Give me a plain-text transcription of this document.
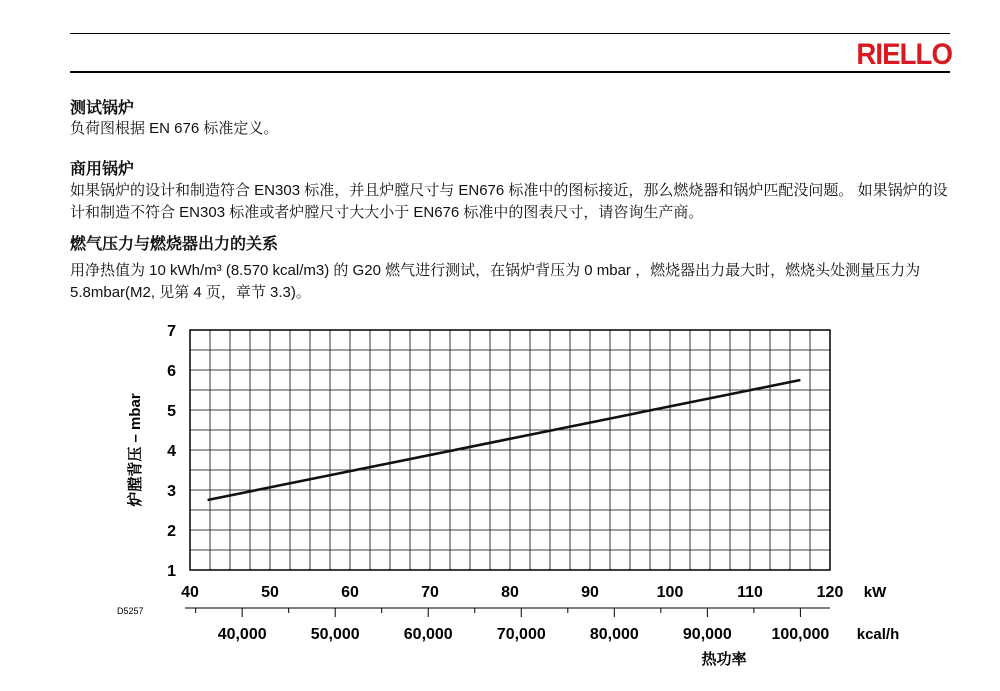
RIELLO
测试锅炉

负荷图根据 EN 676 标准定义。

商用锅炉

如果锅炉的设计和制造符合 EN303 标准，并且炉膛尺寸与 EN676 标准中的图标接近，那么燃烧器和锅炉匹配没问题。 如果锅炉的设计和制造不符合 EN303 标准或者炉膛尺寸大大小于 EN676 标准中的图表尺寸，请咨询生产商。

燃气压力与燃烧器出力的关系

用净热值为 10 kWh/m³ (8.570 kcal/m3) 的 G20 燃气进行测试，在锅炉背压为 0 mbar ，燃烧器出力最大时，燃烧头处测量压力为 5.8mbar(M2, 见第 4 页，章节 3.3)。

1
2
3
4
5
6
7
40	50	60	70	80	90	100	110	120
40,000	50,000	60,000	70,000	80,000	90,000 100,000
kW
kcal/h
热功率
炉膛背压 – mbar
D5257
